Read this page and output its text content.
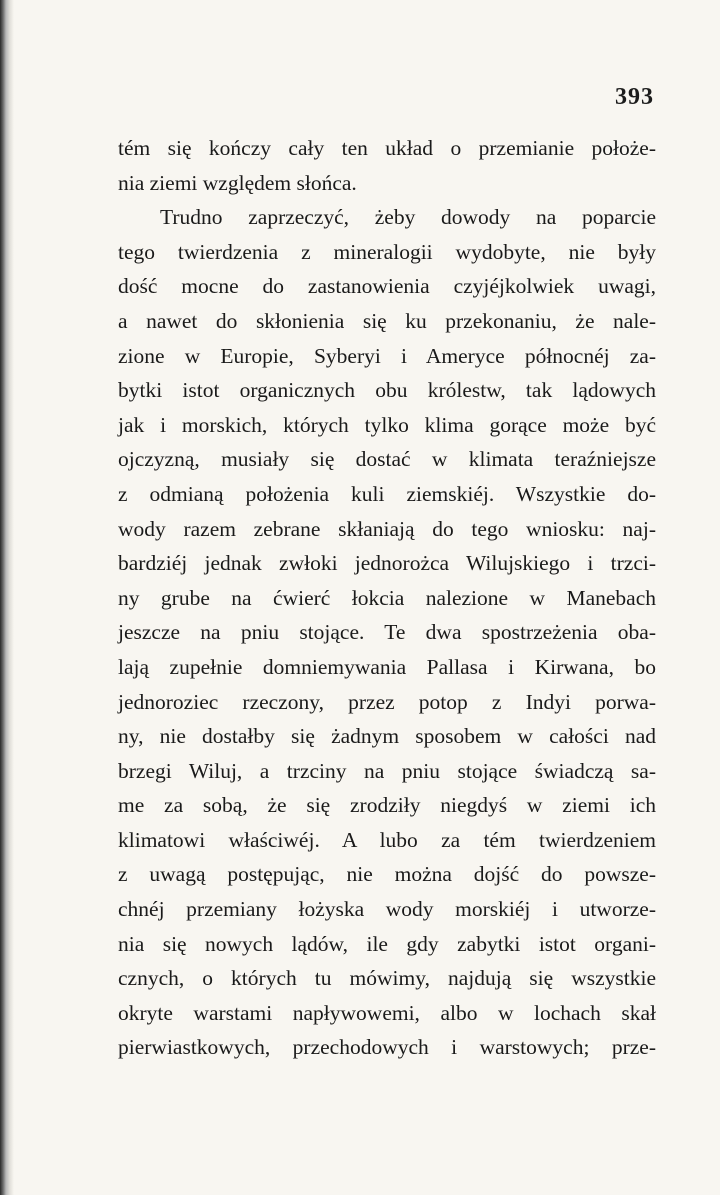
393
tém się kończy cały ten układ o przemianie położe-
nia ziemi względem słońca.
Trudno zaprzeczyć, żeby dowody na poparcie
tego twierdzenia z mineralogii wydobyte, nie były
dość mocne do zastanowienia czyjéjkolwiek uwagi,
a nawet do skłonienia się ku przekonaniu, że nale-
zione w Europie, Syberyi i Ameryce północnéj za-
bytki istot organicznych obu królestw, tak lądowych
jak i morskich, których tylko klima gorące może być
ojczyzną, musiały się dostać w klimata teraźniejsze
z odmianą położenia kuli ziemskiéj. Wszystkie do-
wody razem zebrane skłaniają do tego wniosku: naj-
bardziéj jednak zwłoki jednorożca Wilujskiego i trzci-
ny grube na ćwierć łokcia nalezione w Manebach
jeszcze na pniu stojące. Te dwa spostrzeżenia oba-
lają zupełnie domniemywania Pallasa i Kirwana, bo
jednoroziec rzeczony, przez potop z Indyi porwa-
ny, nie dostałby się żadnym sposobem w całości nad
brzegi Wiluj, a trzciny na pniu stojące świadczą sa-
me za sobą, że się zrodziły niegdyś w ziemi ich
klimatowi właściwéj. A lubo za tém twierdzeniem
z uwagą postępując, nie można dojść do powsze-
chnéj przemiany łożyska wody morskiéj i utworze-
nia się nowych lądów, ile gdy zabytki istot organi-
cznych, o których tu mówimy, najdują się wszystkie
okryte warstami napływowemi, albo w lochach skał
pierwiastkowych, przechodowych i warstowych; prze-
